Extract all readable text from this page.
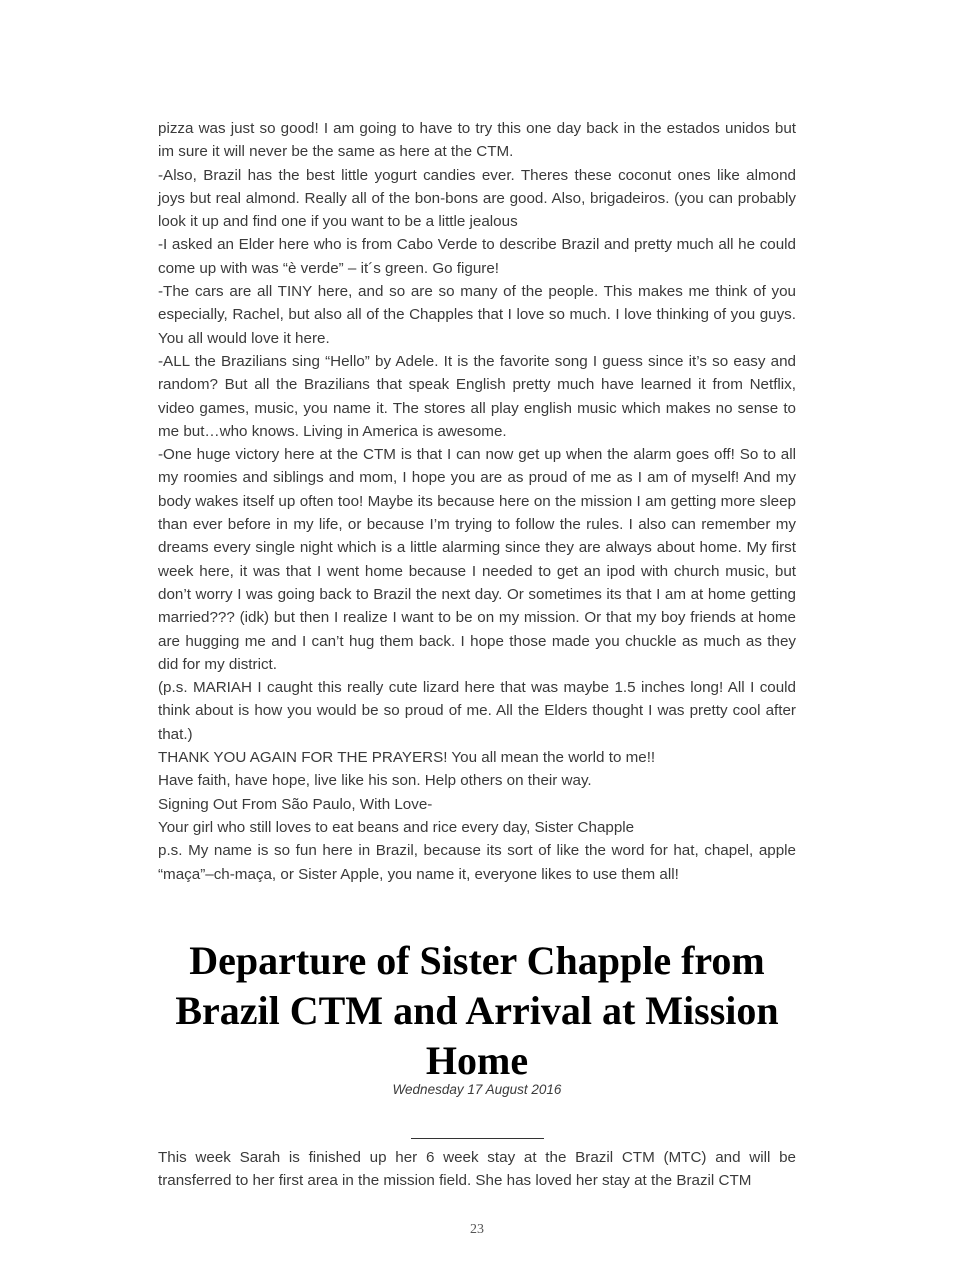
pizza was just so good! I am going to have to try this one day back in the estados unidos but im sure it will never be the same as here at the CTM.

-Also, Brazil has the best little yogurt candies ever. Theres these coconut ones like almond joys but real almond. Really all of the bon-bons are good. Also, brigadeiros. (you can probably look it up and find one if you want to be a little jealous

-I asked an Elder here who is from Cabo Verde to describe Brazil and pretty much all he could come up with was “è verde” – it´s green. Go figure!

-The cars are all TINY here, and so are so many of the people. This makes me think of you especially, Rachel, but also all of the Chapples that I love so much. I love thinking of you guys. You all would love it here.

-ALL the Brazilians sing “Hello” by Adele. It is the favorite song I guess since it’s so easy and random? But all the Brazilians that speak English pretty much have learned it from Netflix, video games, music, you name it. The stores all play english music which makes no sense to me but…who knows. Living in America is awesome.

-One huge victory here at the CTM is that I can now get up when the alarm goes off! So to all my roomies and siblings and mom, I hope you are as proud of me as I am of myself! And my body wakes itself up often too! Maybe its because here on the mission I am getting more sleep than ever before in my life, or because I’m trying to follow the rules. I also can remember my dreams every single night which is a little alarming since they are always about home. My first week here, it was that I went home because I needed to get an ipod with church music, but don’t worry I was going back to Brazil the next day. Or sometimes its that I am at home getting married??? (idk) but then I realize I want to be on my mission. Or that my boy friends at home are hugging me and I can’t hug them back. I hope those made you chuckle as much as they did for my district.

(p.s. MARIAH I caught this really cute lizard here that was maybe 1.5 inches long! All I could think about is how you would be so proud of me. All the Elders thought I was pretty cool after that.)

THANK YOU AGAIN FOR THE PRAYERS! You all mean the world to me!!

Have faith, have hope, live like his son. Help others on their way.

Signing Out From São Paulo, With Love-

Your girl who still loves to eat beans and rice every day, Sister Chapple

p.s. My name is so fun here in Brazil, because its sort of like the word for hat, chapel, apple “maça”–ch-maça, or Sister Apple, you name it, everyone likes to use them all!

Departure of Sister Chapple from Brazil CTM and Arrival at Mission Home
Wednesday 17 August 2016

This week Sarah is finished up her 6 week stay at the Brazil CTM (MTC) and will be transferred to her first area in the mission field. She has loved her stay at the Brazil CTM

23
